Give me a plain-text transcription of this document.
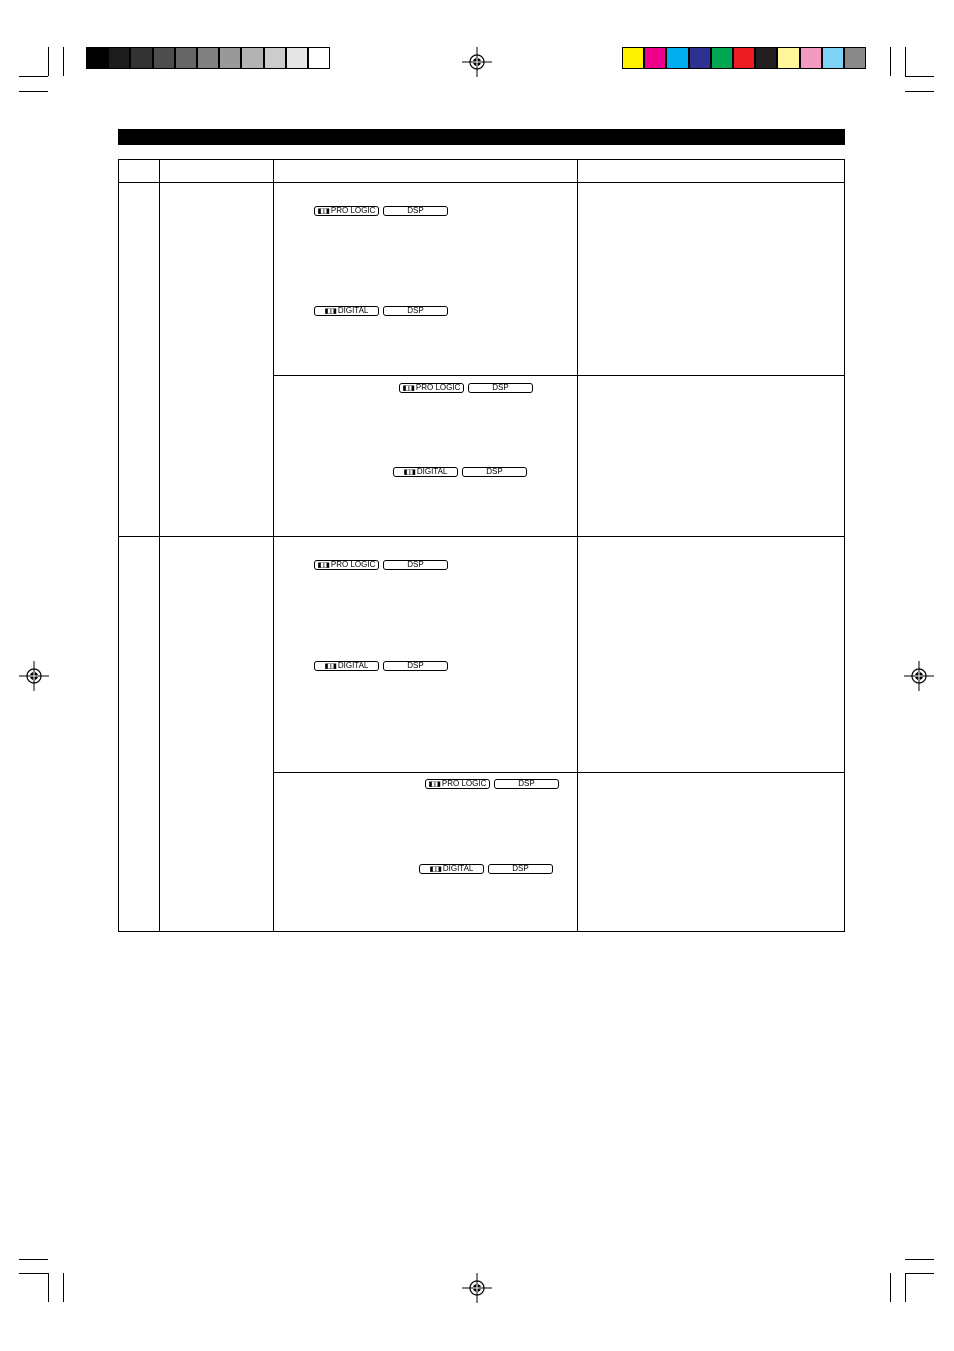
◧◨ PRO LOGIC	DSP
◧◨ DIGITAL	DSP
◧◨ PRO LOGIC	DSP
◧◨ DIGITAL	DSP
◧◨ PRO LOGIC	DSP
◧◨ DIGITAL	DSP
◧◨ PRO LOGIC	DSP
◧◨ DIGITAL	DSP
